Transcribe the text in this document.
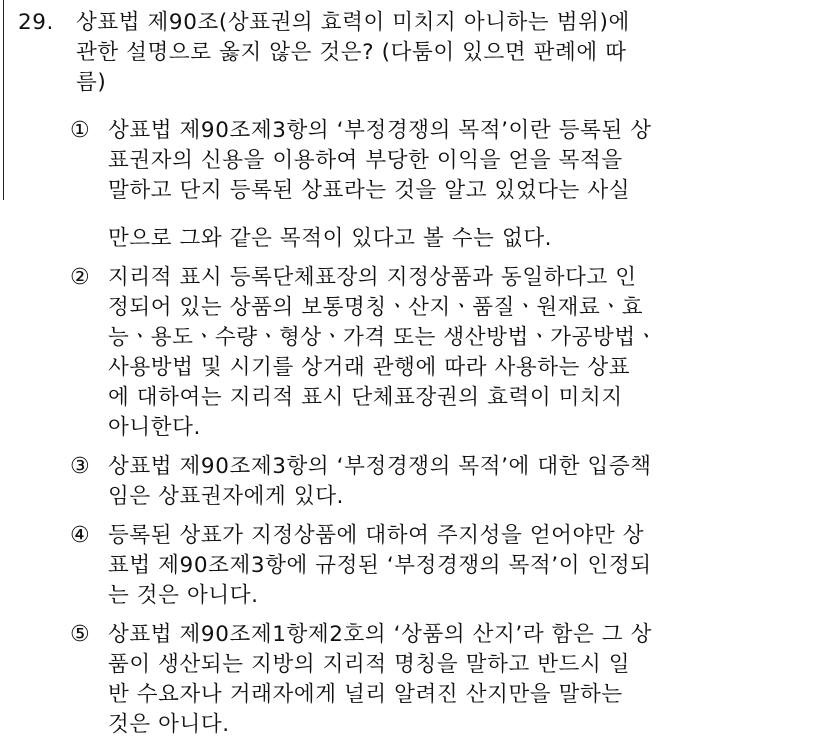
29.	상표법 제90조(상표권의 효력이 미치지 아니하는 범위)에
관한 설명으로 옳지 않은 것은? (다툼이 있으면 판례에 따
름)
① 상표법 제90조제3항의 ‘부정경쟁의 목적’이란 등록된 상
표권자의 신용을 이용하여 부당한 이익을 얻을 목적을
말하고 단지 등록된 상표라는 것을 알고 있었다는 사실
만으로 그와 같은 목적이 있다고 볼 수는 없다.
② 지리적 표시 등록단체표장의 지정상품과 동일하다고 인
정되어 있는 상품의 보통명칭ㆍ산지ㆍ품질ㆍ원재료ㆍ효
능ㆍ용도ㆍ수량ㆍ형상ㆍ가격 또는 생산방법ㆍ가공방법ㆍ
사용방법 및 시기를 상거래 관행에 따라 사용하는 상표
에 대하여는 지리적 표시 단체표장권의 효력이 미치지
아니한다.
③ 상표법 제90조제3항의 ‘부정경쟁의 목적’에 대한 입증책
임은 상표권자에게 있다.
④ 등록된 상표가 지정상품에 대하여 주지성을 얻어야만 상
표법 제90조제3항에 규정된 ‘부정경쟁의 목적’이 인정되
는 것은 아니다.
⑤ 상표법 제90조제1항제2호의 ‘상품의 산지’라 함은 그 상
품이 생산되는 지방의 지리적 명칭을 말하고 반드시 일
반 수요자나 거래자에게 널리 알려진 산지만을 말하는
것은 아니다.
